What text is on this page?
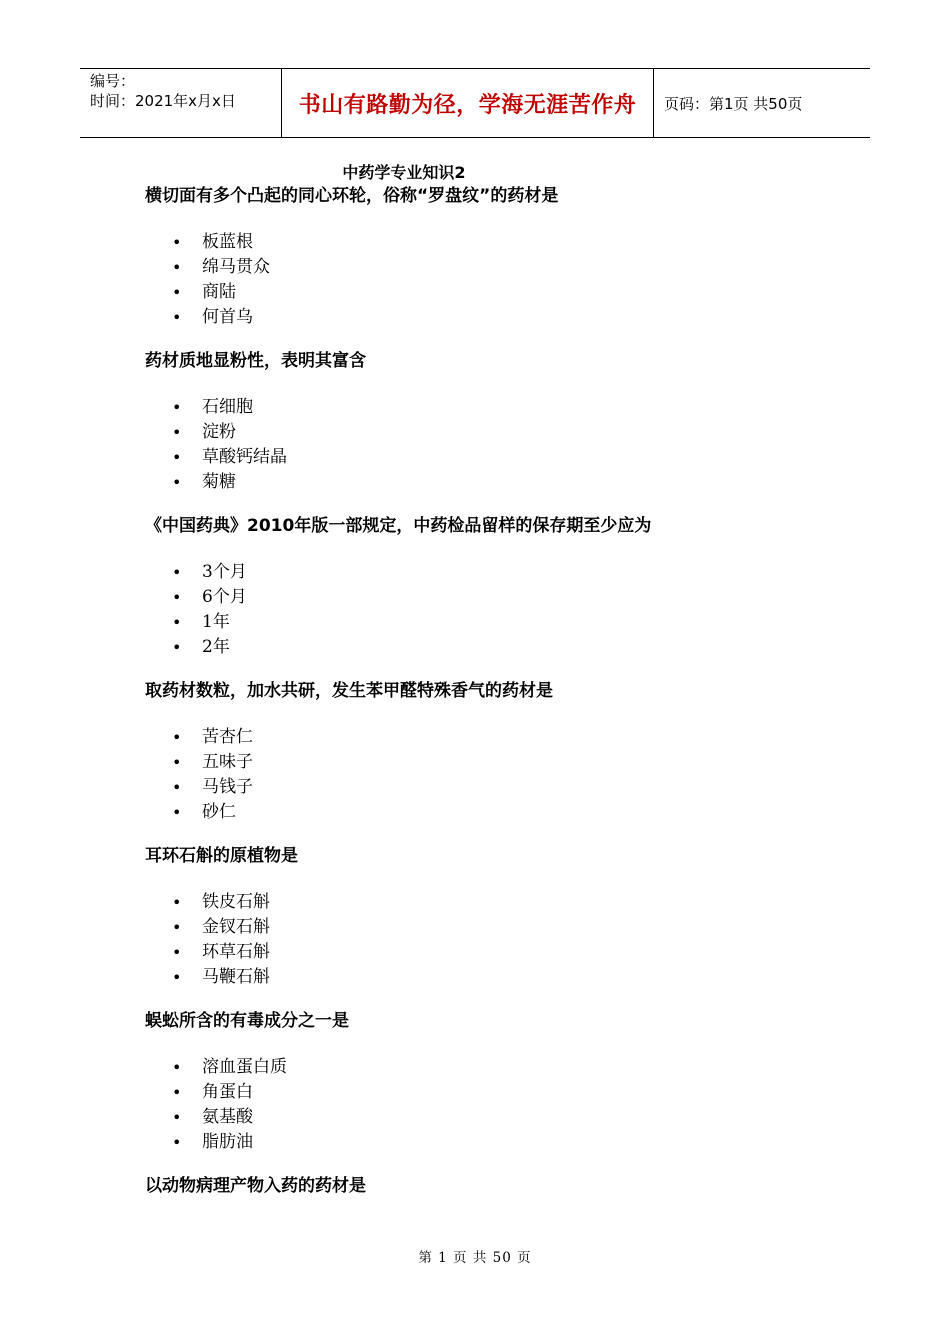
编号：
时间：2021年x月x日	书山有路勤为径，学海无涯苦作舟	页码：第1页 共50页
中药学专业知识2
横切面有多个凸起的同心环轮，俗称“罗盘纹”的药材是
• 板蓝根
• 绵马贯众
• 商陆
• 何首乌
药材质地显粉性，表明其富含
• 石细胞
• 淀粉
• 草酸钙结晶
• 菊糖
《中国药典》2010年版一部规定，中药检品留样的保存期至少应为
• 3个月
• 6个月
• 1年
• 2年
取药材数粒，加水共研，发生苯甲醛特殊香气的药材是
• 苦杏仁
• 五味子
• 马钱子
• 砂仁
耳环石斛的原植物是
• 铁皮石斛
• 金钗石斛
• 环草石斛
• 马鞭石斛
蜈蚣所含的有毒成分之一是
• 溶血蛋白质
• 角蛋白
• 氨基酸
• 脂肪油
以动物病理产物入药的药材是
第 1 页 共 50 页
